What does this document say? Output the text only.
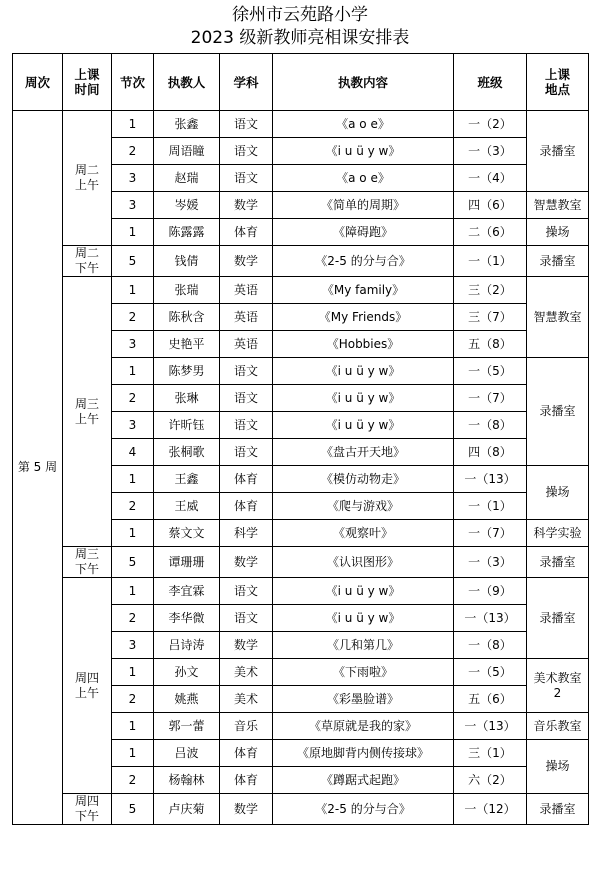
徐州市云苑路小学
2023 级新教师亮相课安排表
周次	上课
时间	节次	执教人	学科	执教内容	班级	上课
地点
第 5 周	周二
上午	1	张鑫	语文	《a o e》	一（2）	录播室
		2	周语瞳	语文	《i u ü y w》	一（3）	
		3	赵瑞	语文	《a o e》	一（4）	
		3	岑媛	数学	《简单的周期》	四（6）	智慧教室
		1	陈露露	体育	《障碍跑》	二（6）	操场
	周二
下午	5	钱倩	数学	《2-5 的分与合》	一（1）	录播室
	周三
上午	1	张瑞	英语	《My family》	三（2）	智慧教室
		2	陈秋含	英语	《My Friends》	三（7）	
		3	史艳平	英语	《Hobbies》	五（8）	
		1	陈梦男	语文	《i u ü y w》	一（5）	录播室
		2	张琳	语文	《i u ü y w》	一（7）	
		3	许昕钰	语文	《i u ü y w》	一（8）	
		4	张桐歌	语文	《盘古开天地》	四（8）	
		1	王鑫	体育	《模仿动物走》	一（13）	操场
		2	王威	体育	《爬与游戏》	一（1）	
		1	蔡文文	科学	《观察叶》	一（7）	科学实验
	周三
下午	5	谭珊珊	数学	《认识图形》	一（3）	录播室
	周四
上午	1	李宜霖	语文	《i u ü y w》	一（9）	录播室
		2	李华微	语文	《i u ü y w》	一（13）	
		3	吕诗涛	数学	《几和第几》	一（8）	
		1	孙文	美术	《下雨啦》	一（5）	美术教室
2
		2	姚燕	美术	《彩墨脸谱》	五（6）	
		1	郭一蕾	音乐	《草原就是我的家》	一（13）	音乐教室
		1	吕波	体育	《原地脚背内侧传接球》	三（1）	操场
		2	杨翰林	体育	《蹲踞式起跑》	六（2）	
	周四
下午	5	卢庆菊	数学	《2-5 的分与合》	一（12）	录播室
